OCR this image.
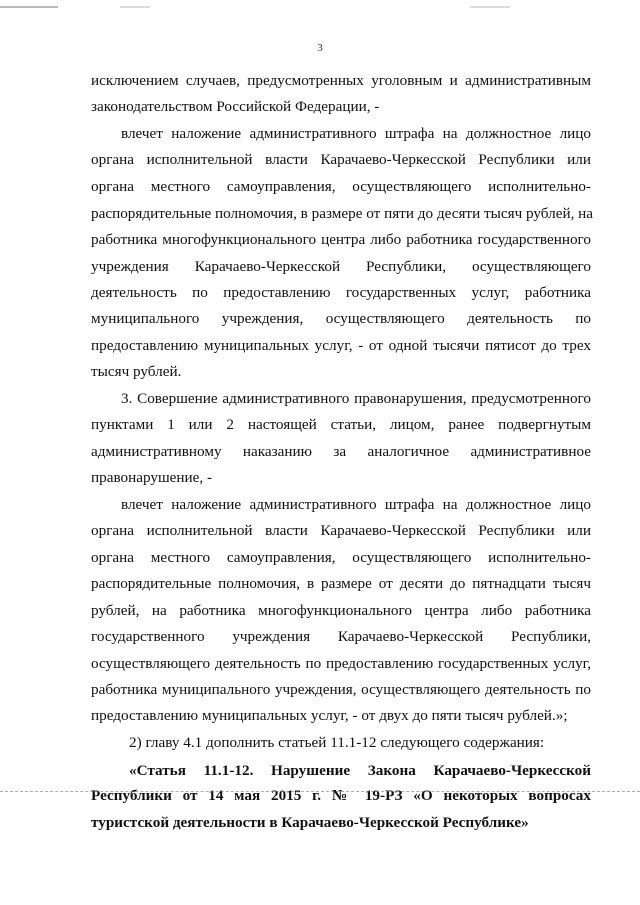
3
исключением случаев, предусмотренных уголовным и административным
законодательством Российской Федерации, -
влечет наложение административного штрафа на должностное лицо
органа исполнительной власти Карачаево-Черкесской Республики или
органа местного самоуправления, осуществляющего исполнительно-
распорядительные полномочия, в размере от пяти до десяти тысяч рублей, на
работника многофункционального центра либо работника государственного
учреждения Карачаево-Черкесской Республики, осуществляющего
деятельность по предоставлению государственных услуг, работника
муниципального учреждения, осуществляющего деятельность по
предоставлению муниципальных услуг, - от одной тысячи пятисот до трех
тысяч рублей.
3. Совершение административного правонарушения, предусмотренного
пунктами 1 или 2 настоящей статьи, лицом, ранее подвергнутым
административному наказанию за аналогичное административное
правонарушение, -
влечет наложение административного штрафа на должностное лицо
органа исполнительной власти Карачаево-Черкесской Республики или
органа местного самоуправления, осуществляющего исполнительно-
распорядительные полномочия, в размере от десяти до пятнадцати тысяч
рублей, на работника многофункционального центра либо работника
государственного учреждения Карачаево-Черкесской Республики,
осуществляющего деятельность по предоставлению государственных услуг,
работника муниципального учреждения, осуществляющего деятельность по
предоставлению муниципальных услуг, - от двух до пяти тысяч рублей.»;
2) главу 4.1 дополнить статьей 11.1-12 следующего содержания:
«Статья 11.1-12. Нарушение Закона Карачаево-Черкесской
Республики от 14 мая 2015 г. № 19-РЗ «О некоторых вопросах
туристской деятельности в Карачаево-Черкесской Республике»
